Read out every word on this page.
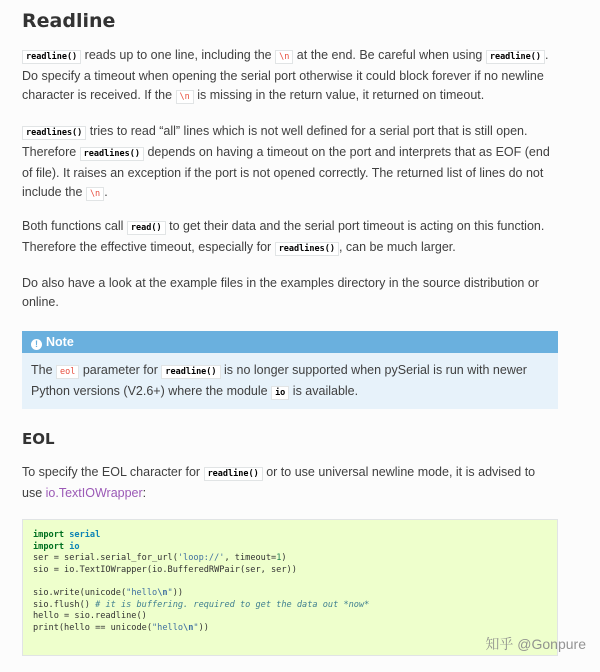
Readline

readline() reads up to one line, including the \n at the end. Be careful when using readline() . Do specify a timeout when opening the serial port otherwise it could block forever if no newline character is received. If the \n is missing in the return value, it returned on timeout.

readlines() tries to read “all” lines which is not well defined for a serial port that is still open. Therefore readlines() depends on having a timeout on the port and interprets that as EOF (end of file). It raises an exception if the port is not opened correctly. The returned list of lines do not include the \n .

Both functions call read() to get their data and the serial port timeout is acting on this function. Therefore the effective timeout, especially for readlines() , can be much larger.

Do also have a look at the example files in the examples directory in the source distribution or online.

! Note

The eol parameter for readline() is no longer supported when pySerial is run with newer Python versions (V2.6+) where the module io is available.

EOL

To specify the EOL character for readline() or to use universal newline mode, it is advised to use io.TextIOWrapper:

import serial
import io
ser = serial.serial_for_url('loop://', timeout=1)
sio = io.TextIOWrapper(io.BufferedRWPair(ser, ser))

sio.write(unicode("hello\n"))
sio.flush() # it is buffering. required to get the data out *now*
hello = sio.readline()
print(hello == unicode("hello\n"))
知乎 @Gonpure
